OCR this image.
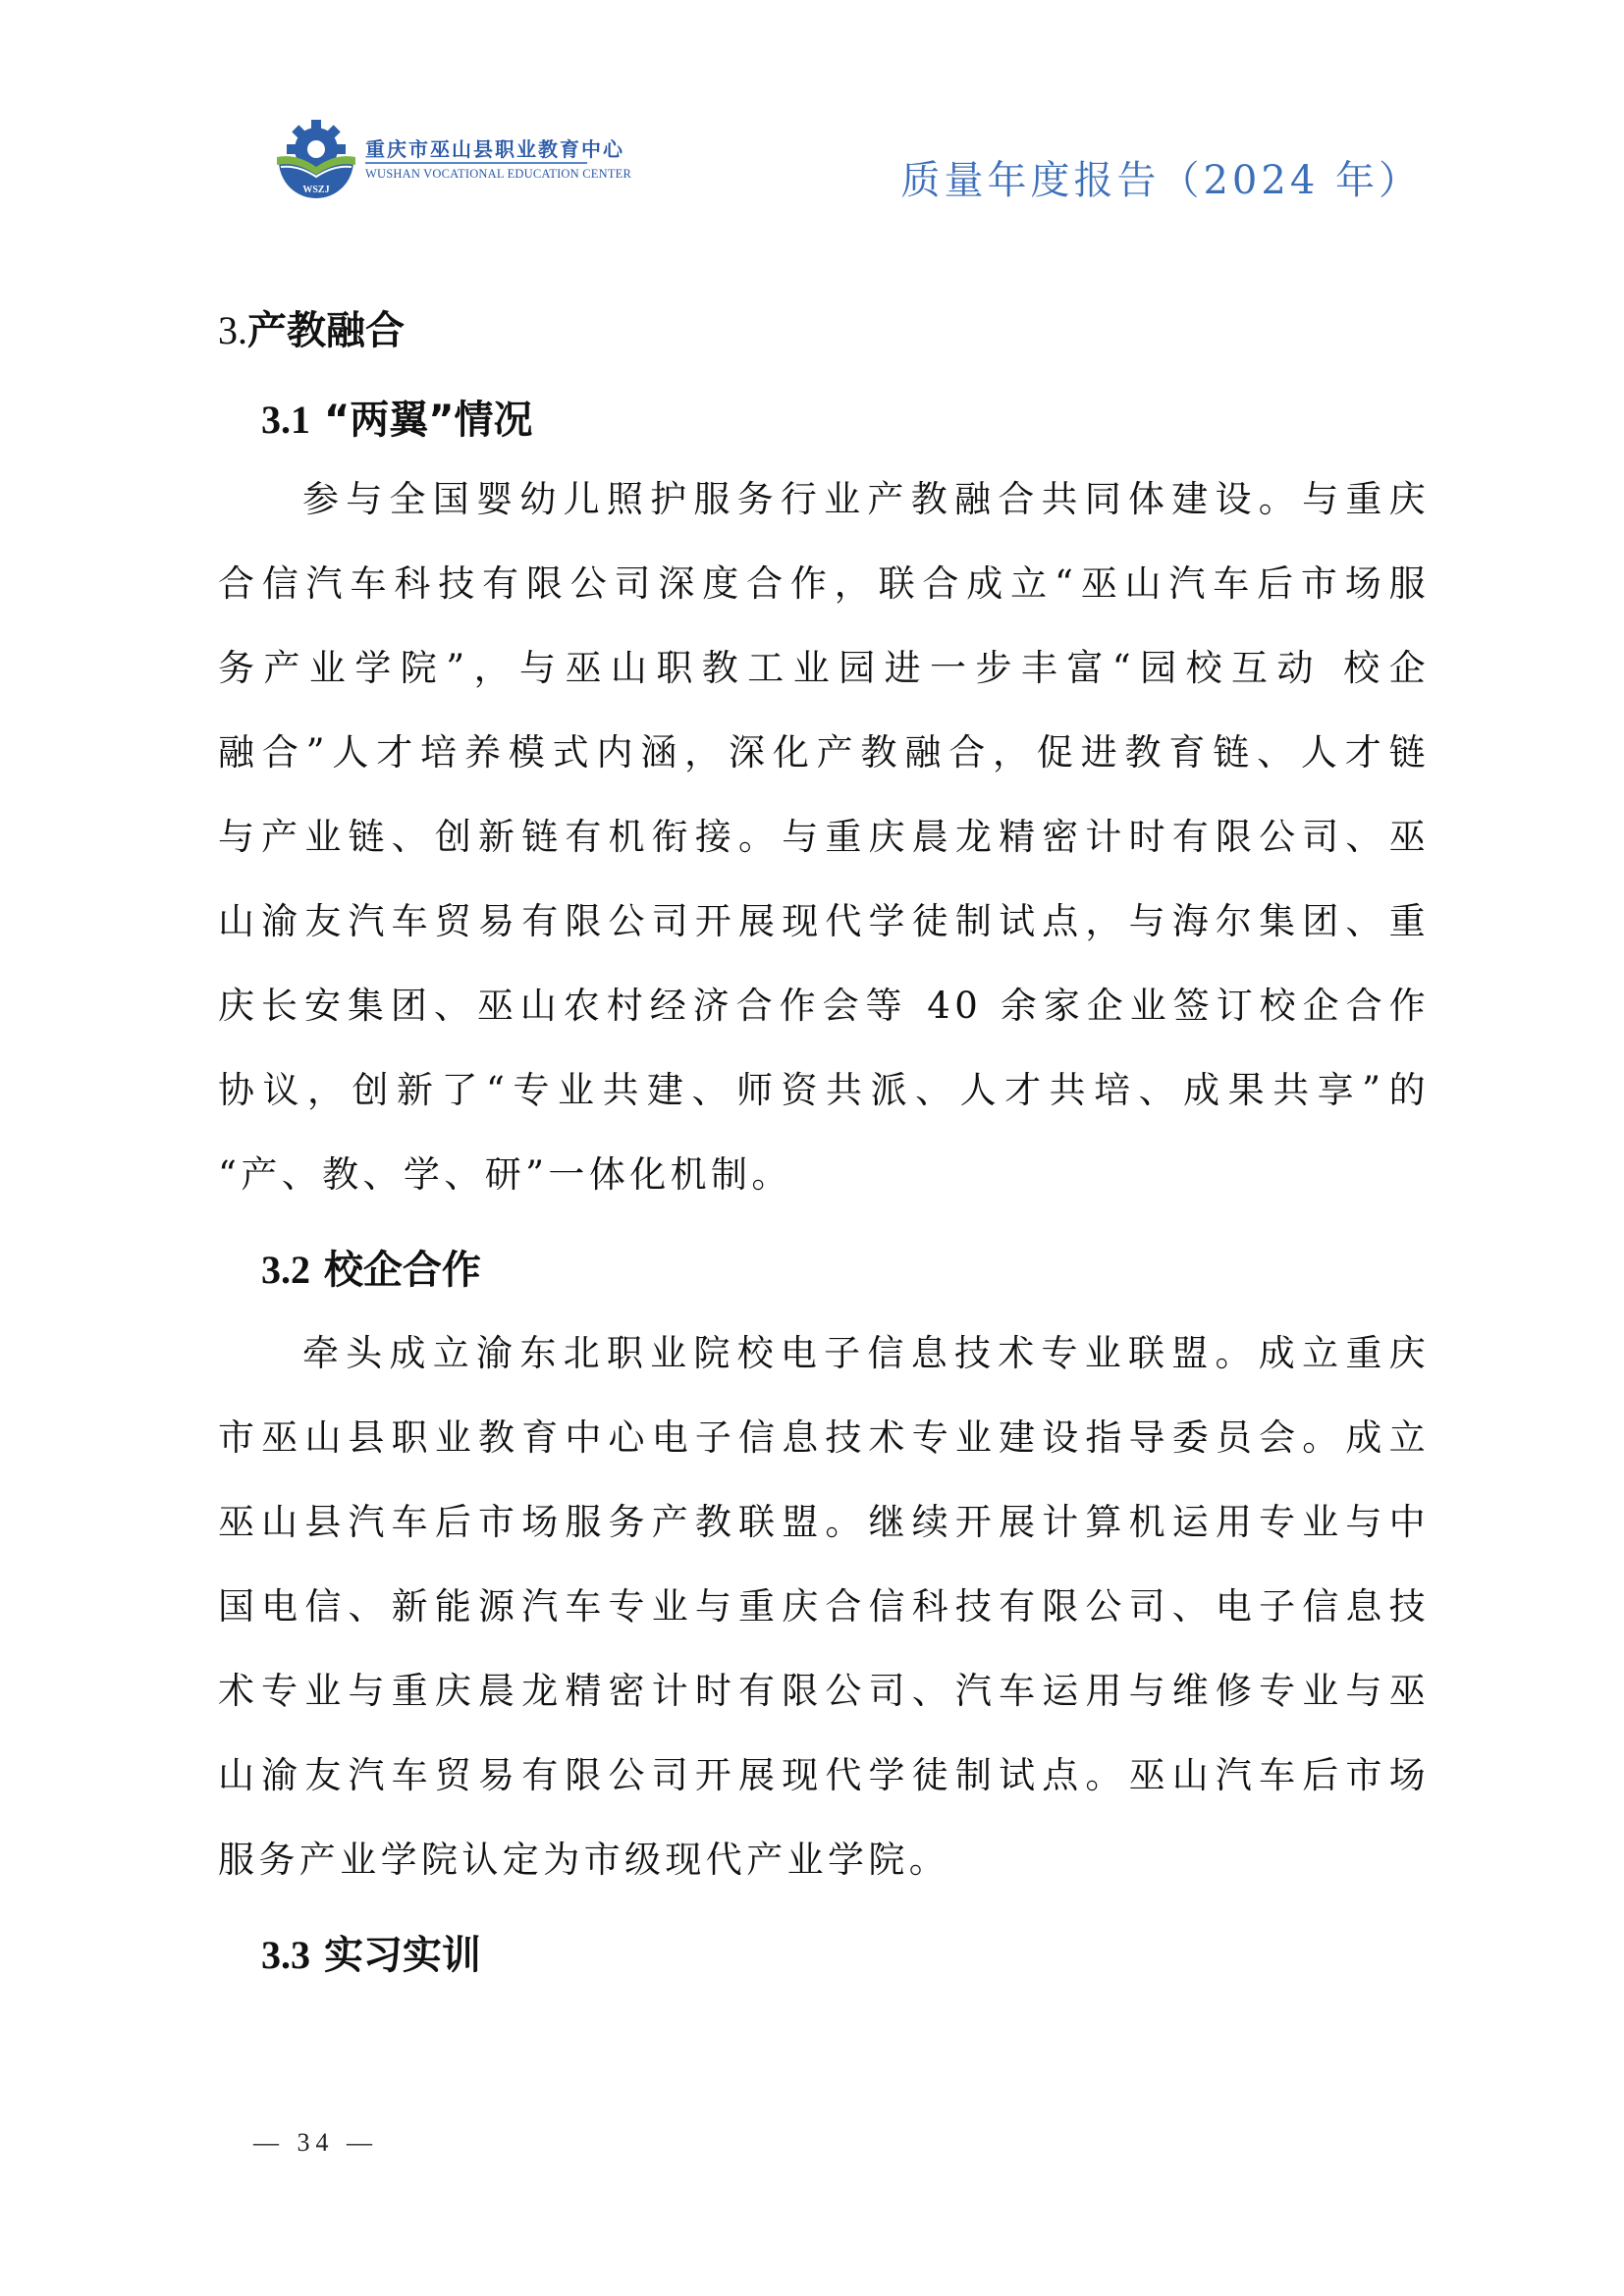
WSZJ
重庆市巫山县职业教育中心
WUSHAN VOCATIONAL EDUCATION CENTER	质量年度报告（2024 年）
3.产教融合
3.1 “两翼”情况
参与全国婴幼儿照护服务行业产教融合共同体建设。与重庆
合信汽车科技有限公司深度合作，联合成立“巫山汽车后市场服
务产业学院”，与巫山职教工业园进一步丰富“园校互动 校企
融合”人才培养模式内涵，深化产教融合，促进教育链、人才链
与产业链、创新链有机衔接。与重庆晨龙精密计时有限公司、巫
山渝友汽车贸易有限公司开展现代学徒制试点，与海尔集团、重
庆长安集团、巫山农村经济合作会等 40 余家企业签订校企合作
协议，创新了“专业共建、师资共派、人才共培、成果共享”的
“产、教、学、研”一体化机制。
3.2 校企合作
牵头成立渝东北职业院校电子信息技术专业联盟。成立重庆
市巫山县职业教育中心电子信息技术专业建设指导委员会。成立
巫山县汽车后市场服务产教联盟。继续开展计算机运用专业与中
国电信、新能源汽车专业与重庆合信科技有限公司、电子信息技
术专业与重庆晨龙精密计时有限公司、汽车运用与维修专业与巫
山渝友汽车贸易有限公司开展现代学徒制试点。巫山汽车后市场
服务产业学院认定为市级现代产业学院。
3.3 实习实训
— 34 —
